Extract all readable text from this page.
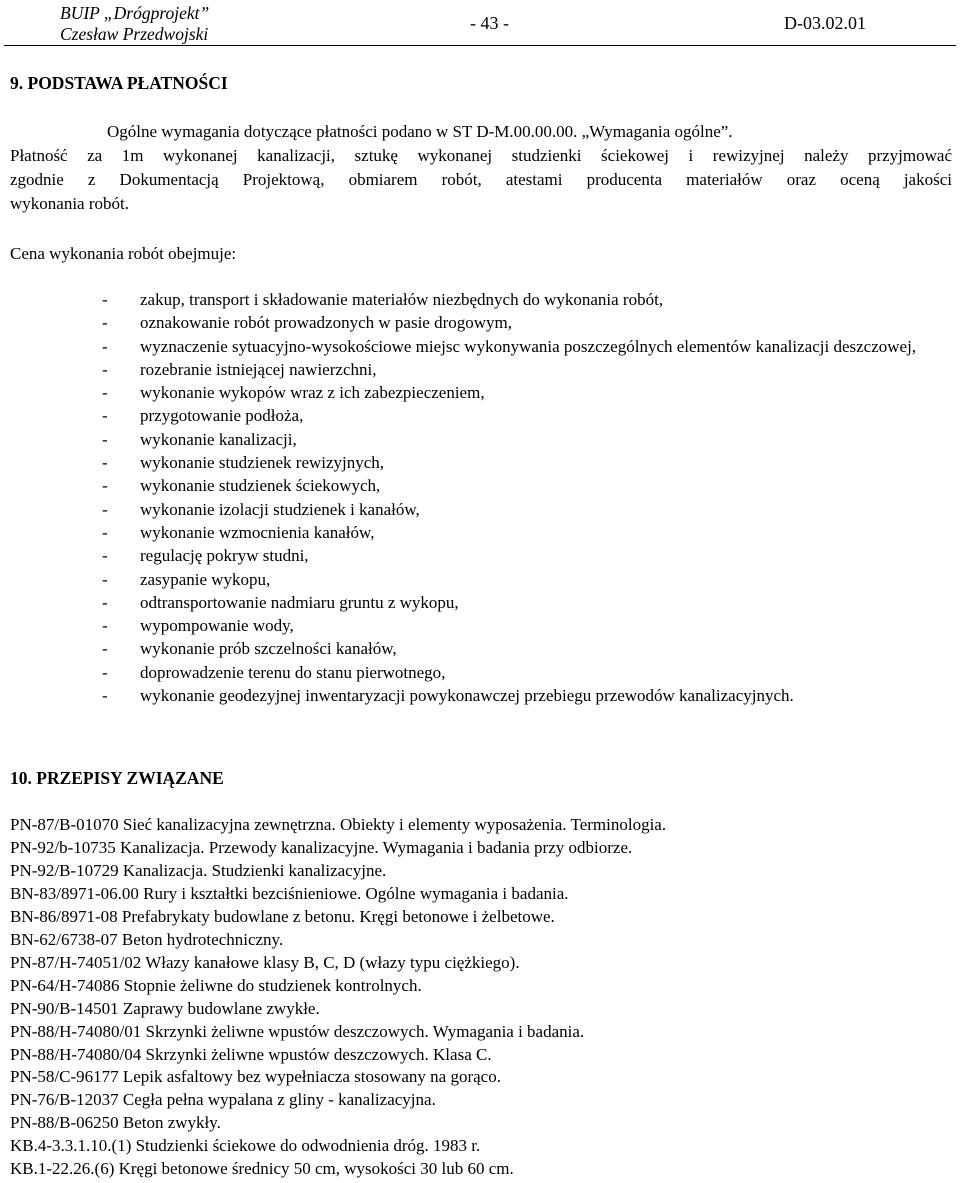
BUIP „Drógprojekt”
Czesław Przedwojski
- 43 -	D-03.02.01
9. PODSTAWA PŁATNOŚCI
Ogólne wymagania dotyczące płatności podano w ST D-M.00.00.00. „Wymagania ogólne”.
Płatność za 1m wykonanej kanalizacji, sztukę wykonanej studzienki ściekowej i rewizyjnej należy przyjmować
zgodnie z Dokumentacją Projektową, obmiarem robót, atestami producenta materiałów oraz oceną jakości
wykonania robót.
Cena wykonania robót obejmuje:
- zakup, transport i składowanie materiałów niezbędnych do wykonania robót,
- oznakowanie robót prowadzonych w pasie drogowym,
- wyznaczenie sytuacyjno-wysokościowe miejsc wykonywania poszczególnych elementów kanalizacji deszczowej,
- rozebranie istniejącej nawierzchni,
- wykonanie wykopów wraz z ich zabezpieczeniem,
- przygotowanie podłoża,
- wykonanie kanalizacji,
- wykonanie studzienek rewizyjnych,
- wykonanie studzienek ściekowych,
- wykonanie izolacji studzienek i kanałów,
- wykonanie wzmocnienia kanałów,
- regulację pokryw studni,
- zasypanie wykopu,
- odtransportowanie nadmiaru gruntu z wykopu,
- wypompowanie wody,
- wykonanie prób szczelności kanałów,
- doprowadzenie terenu do stanu pierwotnego,
- wykonanie geodezyjnej inwentaryzacji powykonawczej przebiegu przewodów kanalizacyjnych.
10. PRZEPISY ZWIĄZANE
PN-87/B-01070 Sieć kanalizacyjna zewnętrzna. Obiekty i elementy wyposażenia. Terminologia.
PN-92/b-10735 Kanalizacja. Przewody kanalizacyjne. Wymagania i badania przy odbiorze.
PN-92/B-10729 Kanalizacja. Studzienki kanalizacyjne.
BN-83/8971-06.00 Rury i kształtki bezciśnieniowe. Ogólne wymagania i badania.
BN-86/8971-08 Prefabrykaty budowlane z betonu. Kręgi betonowe i żelbetowe.
BN-62/6738-07 Beton hydrotechniczny.
PN-87/H-74051/02 Włazy kanałowe klasy B, C, D (włazy typu ciężkiego).
PN-64/H-74086 Stopnie żeliwne do studzienek kontrolnych.
PN-90/B-14501 Zaprawy budowlane zwykłe.
PN-88/H-74080/01 Skrzynki żeliwne wpustów deszczowych. Wymagania i badania.
PN-88/H-74080/04 Skrzynki żeliwne wpustów deszczowych. Klasa C.
PN-58/C-96177 Lepik asfaltowy bez wypełniacza stosowany na gorąco.
PN-76/B-12037 Cegła pełna wypalana z gliny - kanalizacyjna.
PN-88/B-06250 Beton zwykły.
KB.4-3.3.1.10.(1) Studzienki ściekowe do odwodnienia dróg. 1983 r.
KB.1-22.26.(6) Kręgi betonowe średnicy 50 cm, wysokości 30 lub 60 cm.
